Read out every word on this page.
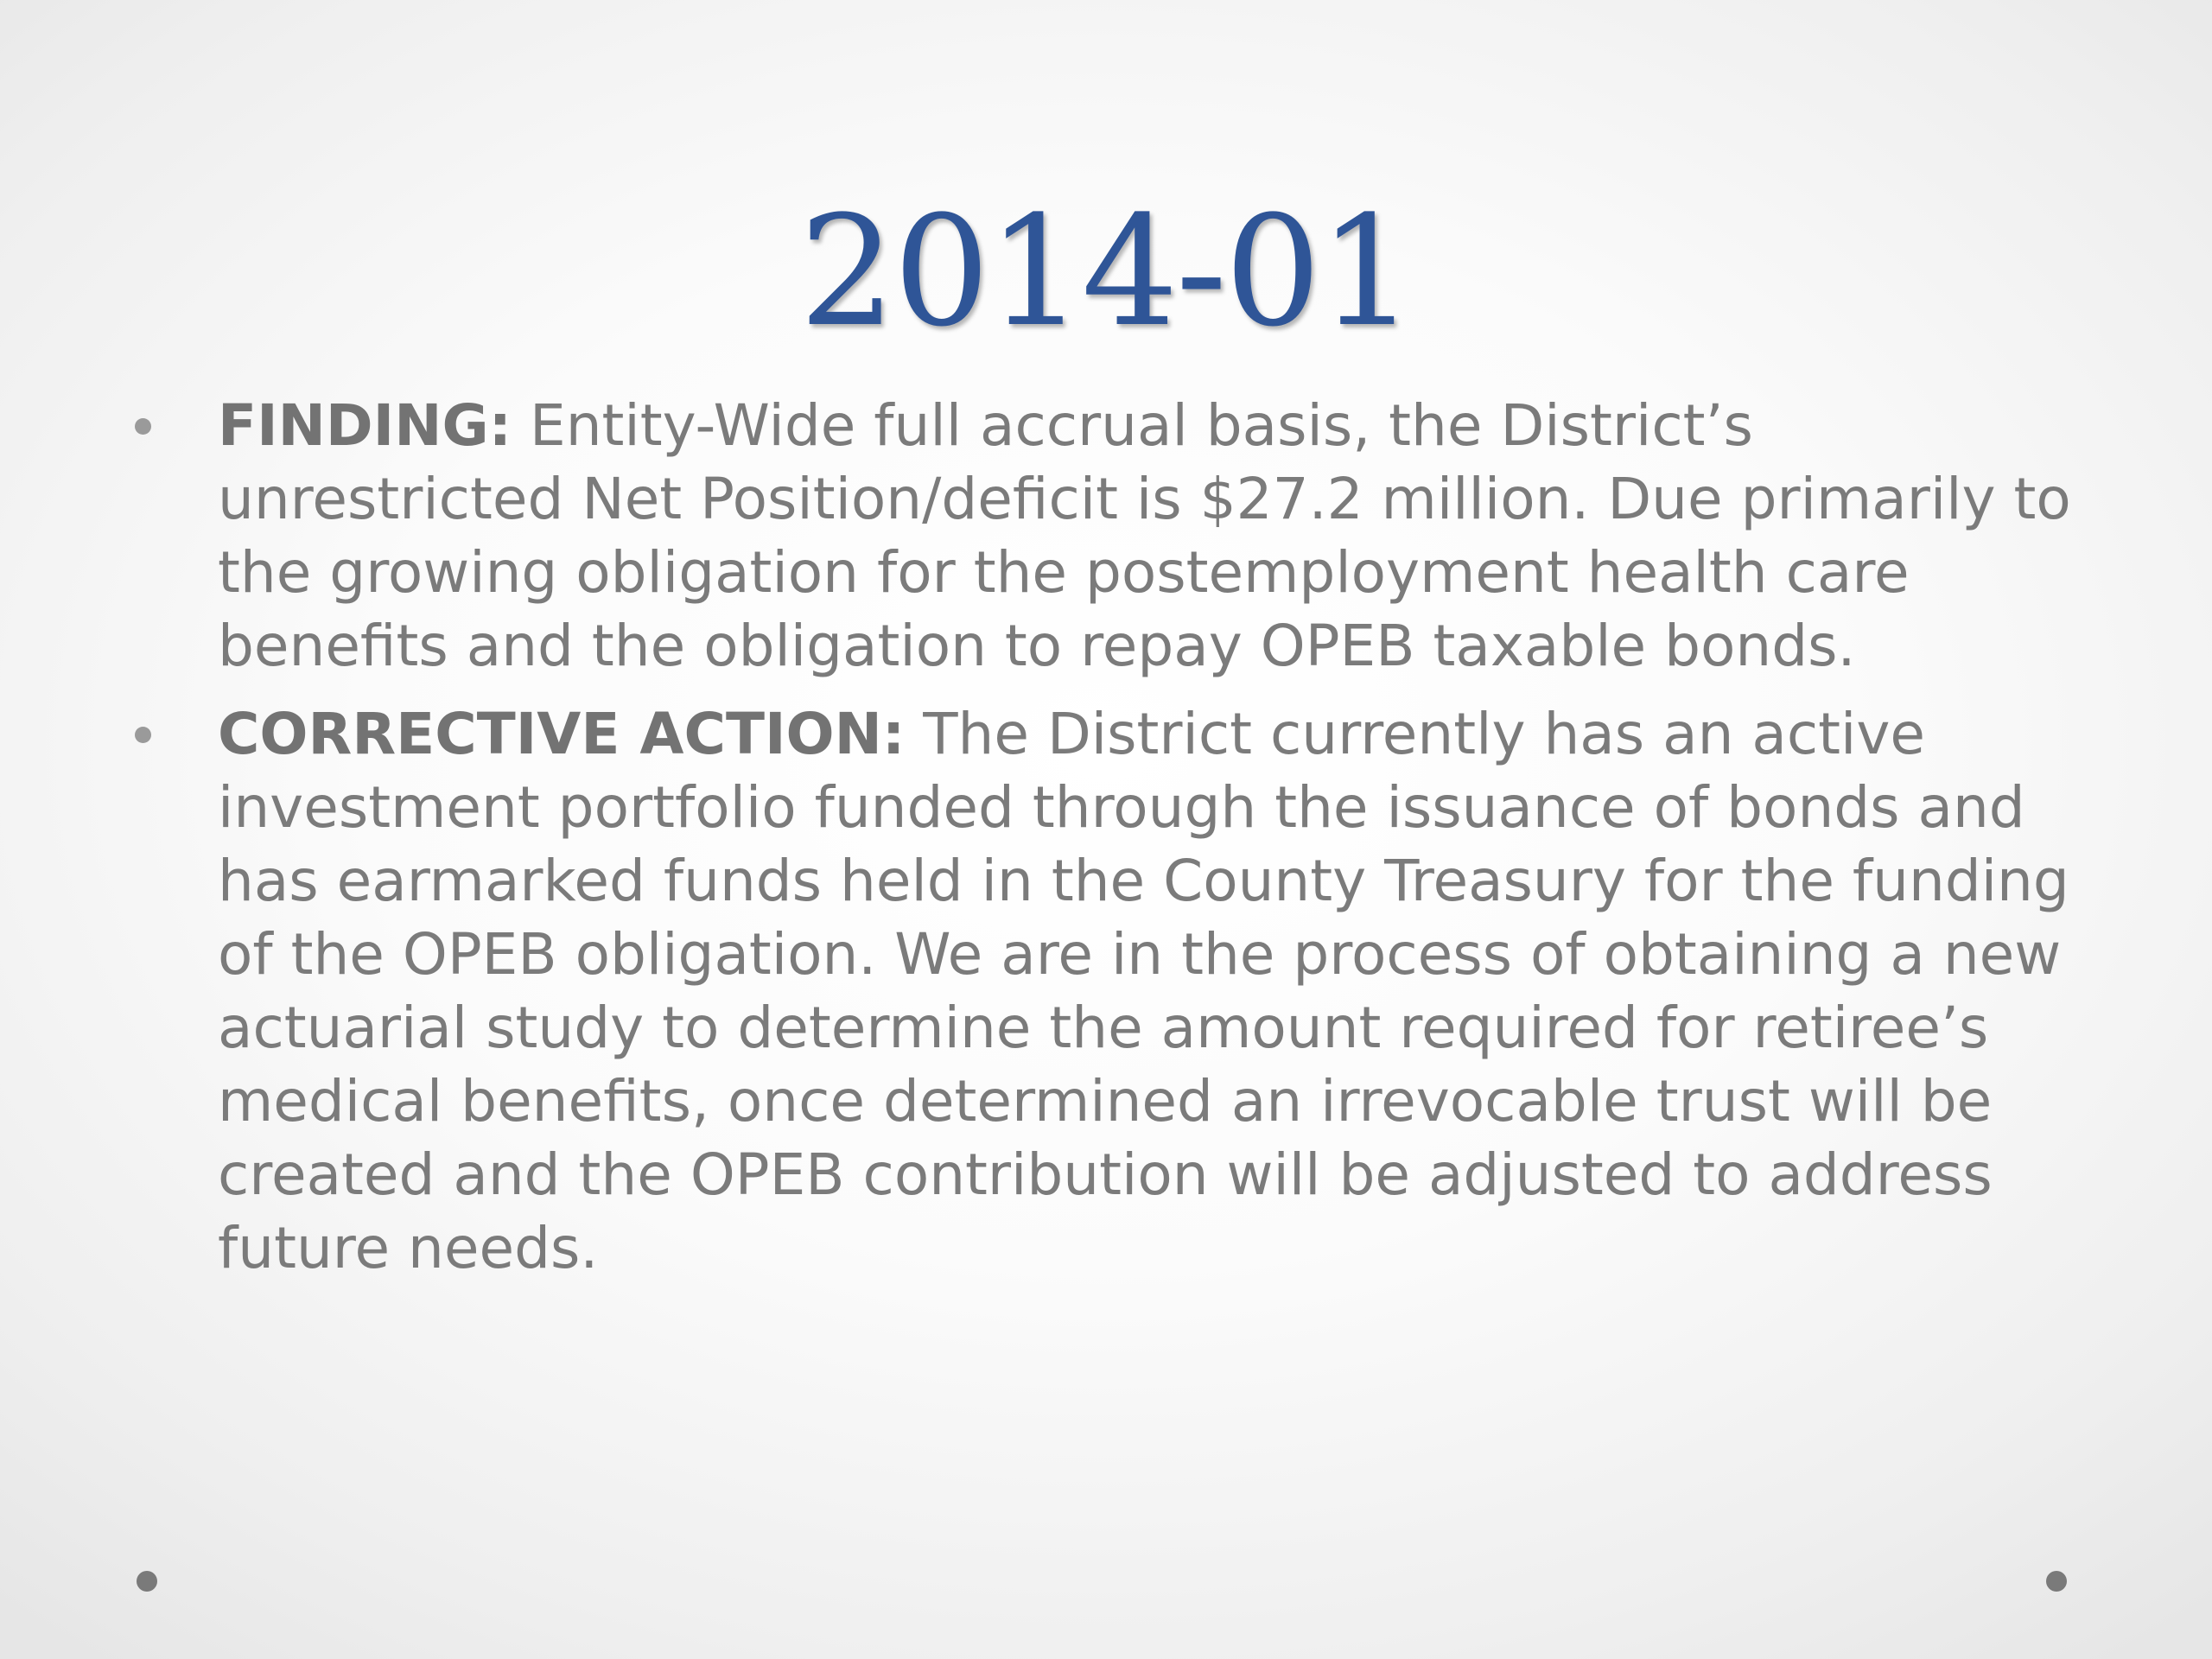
2014-01
FINDING: Entity-Wide full accrual basis, the District’s unrestricted Net Position/deficit is $27.2 million. Due primarily to the growing obligation for the postemployment health care benefits and the obligation to repay OPEB taxable bonds.
CORRECTIVE ACTION: The District currently has an active investment portfolio funded through the issuance of bonds and has earmarked funds held in the County Treasury for the funding of the OPEB obligation. We are in the process of obtaining a new actuarial study to determine the amount required for retiree’s medical benefits, once determined an irrevocable trust will be created and the OPEB contribution will be adjusted to address future needs.
